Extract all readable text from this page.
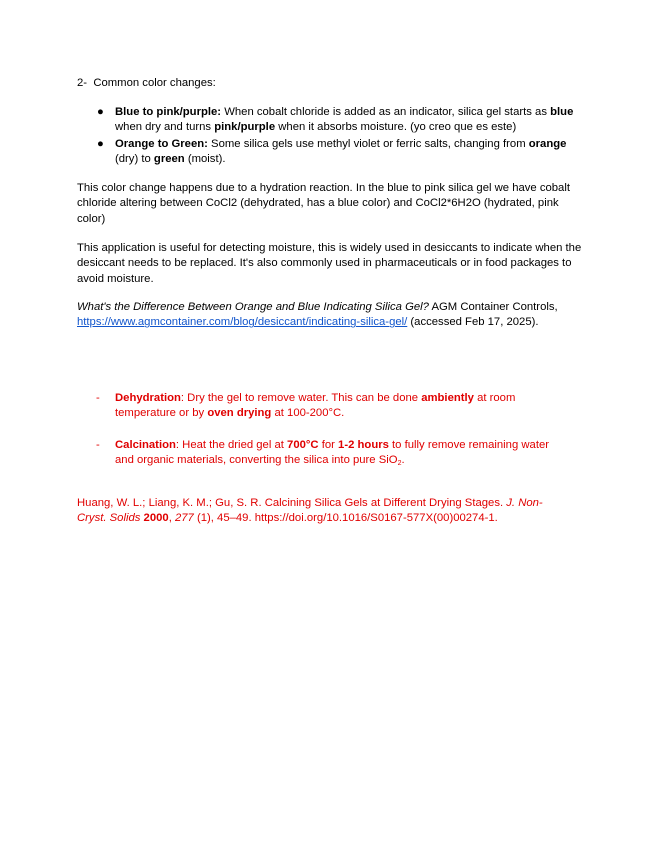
2- Common color changes:
● Blue to pink/purple: When cobalt chloride is added as an indicator, silica gel starts as blue when dry and turns pink/purple when it absorbs moisture. (yo creo que es este)
● Orange to Green: Some silica gels use methyl violet or ferric salts, changing from orange (dry) to green (moist).
This color change happens due to a hydration reaction. In the blue to pink silica gel we have cobalt chloride altering between CoCl2 (dehydrated, has a blue color) and CoCl2*6H2O (hydrated, pink color)
This application is useful for detecting moisture, this is widely used in desiccants to indicate when the desiccant needs to be replaced. It's also commonly used in pharmaceuticals or in food packages to avoid moisture.
What's the Difference Between Orange and Blue Indicating Silica Gel? AGM Container Controls, https://www.agmcontainer.com/blog/desiccant/indicating-silica-gel/ (accessed Feb 17, 2025).
- Dehydration: Dry the gel to remove water. This can be done ambiently at room temperature or by oven drying at 100-200°C.
- Calcination: Heat the dried gel at 700°C for 1-2 hours to fully remove remaining water and organic materials, converting the silica into pure SiO$_2$.
Huang, W. L.; Liang, K. M.; Gu, S. R. Calcining Silica Gels at Different Drying Stages. J. Non-Cryst. Solids 2000, 277 (1), 45–49. https://doi.org/10.1016/S0167-577X(00)00274-1.
